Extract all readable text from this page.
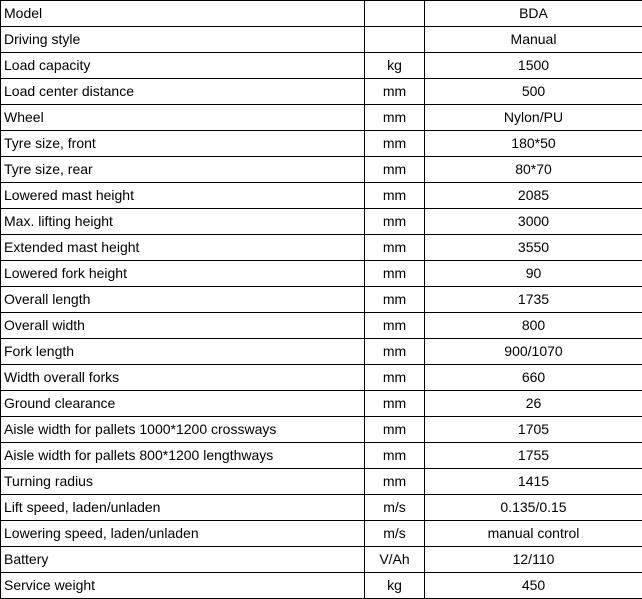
Model		BDA
Driving style		Manual
Load capacity	kg	1500
Load center distance	mm	500
Wheel	mm	Nylon/PU
Tyre size, front	mm	180*50
Tyre size, rear	mm	80*70
Lowered mast height	mm	2085
Max. lifting height	mm	3000
Extended mast height	mm	3550
Lowered fork height	mm	90
Overall length	mm	1735
Overall width	mm	800
Fork length	mm	900/1070
Width overall forks	mm	660
Ground clearance	mm	26
Aisle width for pallets 1000*1200 crossways	mm	1705
Aisle width for pallets 800*1200 lengthways	mm	1755
Turning radius	mm	1415
Lift speed, laden/unladen	m/s	0.135/0.15
Lowering speed, laden/unladen	m/s	manual control
Battery	V/Ah	12/110
Service weight	kg	450
